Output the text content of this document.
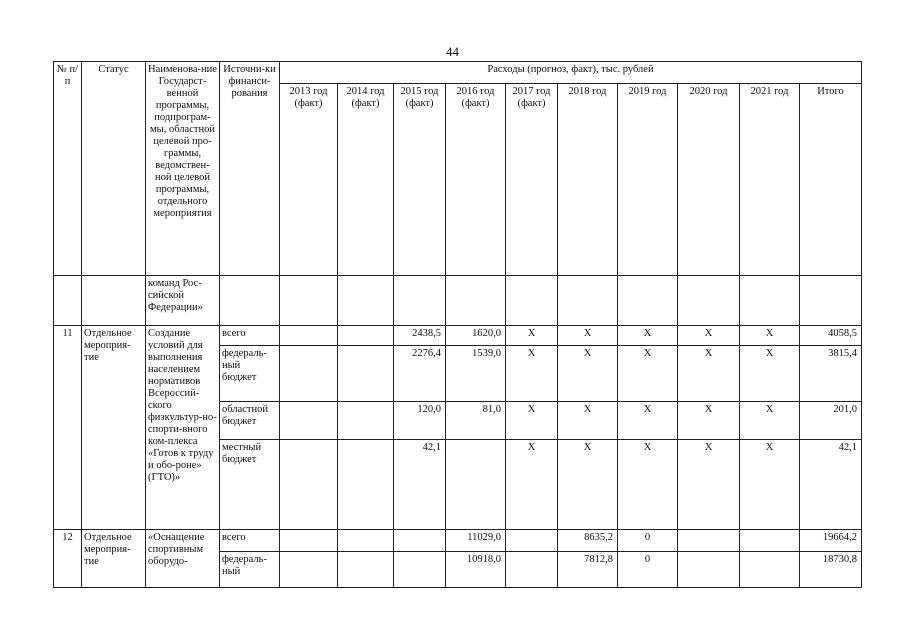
44
№ п/п	Статус	Наименова-ние Государст-венной программы, подпрограм-мы, областной целевой про-граммы, ведомствен-ной целевой программы, отдельного мероприятия	Источни-ки финанси-рования	Расходы (прогноз, факт), тыс. рублей									
				2013 год (факт)	2014 год (факт)	2015 год (факт)	2016 год (факт)	2017 год (факт)	2018 год	2019 год	2020 год	2021 год	Итого
		команд Рос-сийской Федерации»											
11	Отдельное мероприя-тие	Создание условий для выполнения населением нормативов Всероссий-ского физкультур-но-спорти-вного ком-плекса «Готов к труду и обо-роне» (ГТО)»	всего			2438,5	1620,0	X	X	X	X	X	4058,5
			федераль-ный бюджет			2276,4	1539,0	X	X	X	X	X	3815,4
			областной бюджет			120,0	81,0	X	X	X	X	X	201,0
			местный бюджет			42,1		X	X	X	X	X	42,1
12	Отдельное мероприя-тие	«Оснащение спортивным оборудо-	всего				11029,0		8635,2	0			19664,2
			федераль-ный				10918,0		7812,8	0			18730,8
